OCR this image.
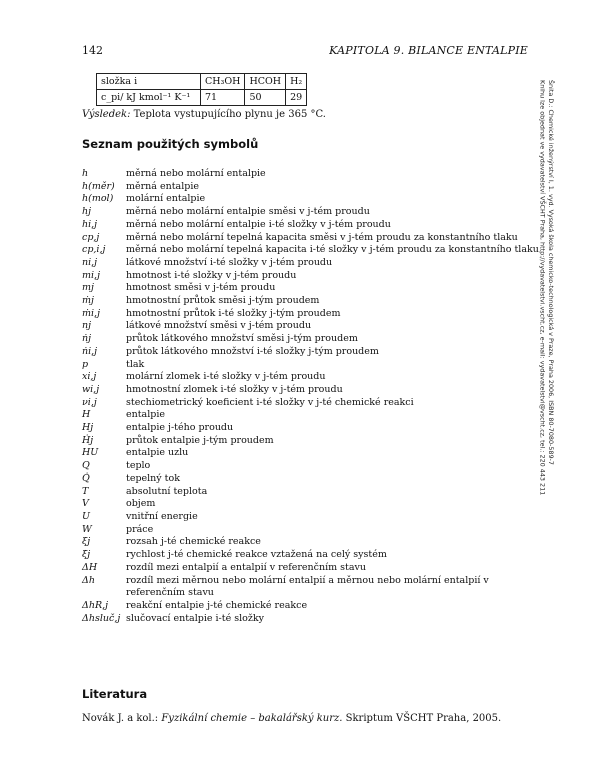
142	KAPITOLA 9. BILANCE ENTALPIE
složka i	CH₃OH	HCOH	H₂
c_pi/ kJ kmol⁻¹ K⁻¹	71	50	29
Výsledek: Teplota vystupujícího plynu je 365 °C.
Seznam použitých symbolů
h	měrná nebo molární entalpie
h(měr)	měrná entalpie
h(mol)	molární entalpie
hj	měrná nebo molární entalpie směsi v j-tém proudu
hi,j	měrná nebo molární entalpie i-té složky v j-tém proudu
cp,j	měrná nebo molární tepelná kapacita směsi v j-tém proudu za konstantního tlaku
cp,i,j	měrná nebo molární tepelná kapacita i-té složky v j-tém proudu za konstantního tlaku
ni,j	látkové množství i-té složky v j-tém proudu
mi,j	hmotnost i-té složky v j-tém proudu
mj	hmotnost směsi v j-tém proudu
ṁj	hmotnostní průtok směsi j-tým proudem
ṁi,j	hmotnostní průtok i-té složky j-tým proudem
nj	látkové množství směsi v j-tém proudu
ṅj	průtok látkového množství směsi j-tým proudem
ṅi,j	průtok látkového množství i-té složky j-tým proudem
p	tlak
xi,j	molární zlomek i-té složky v j-tém proudu
wi,j	hmotnostní zlomek i-té složky v j-tém proudu
νi,j	stechiometrický koeficient i-té složky v j-té chemické reakci
H	entalpie
Hj	entalpie j-tého proudu
Ḣj	průtok entalpie j-tým proudem
HU	entalpie uzlu
Q	teplo
Q̇	tepelný tok
T	absolutní teplota
V	objem
U	vnitřní energie
W	práce
ξj	rozsah j-té chemické reakce
ξ̇j	rychlost j-té chemické reakce vztažená na celý systém
ΔH	rozdíl mezi entalpií a entalpií v referenčním stavu
Δh	rozdíl mezi měrnou nebo molární entalpií a měrnou nebo molární entalpií v referenčním stavu
ΔhR,j	reakční entalpie j-té chemické reakce
Δhsluč,j slučovací entalpie i-té složky
Literatura
Novák J. a kol.: Fyzikální chemie – bakalářský kurz. Skriptum VŠCHT Praha, 2005.
Šnita D.: Chemické inženýrství I, 1. vyd. Vysoká škola chemicko-technologická v Praze, Praha 2006, ISBN 80-7080-589-7
Knihu lze objednat ve vydavatelství VŠCHT Praha, http://vydavatelstvi.vscht.cz, e-mail: vydavatelstvi@vscht.cz, tel.: 220 443 211
